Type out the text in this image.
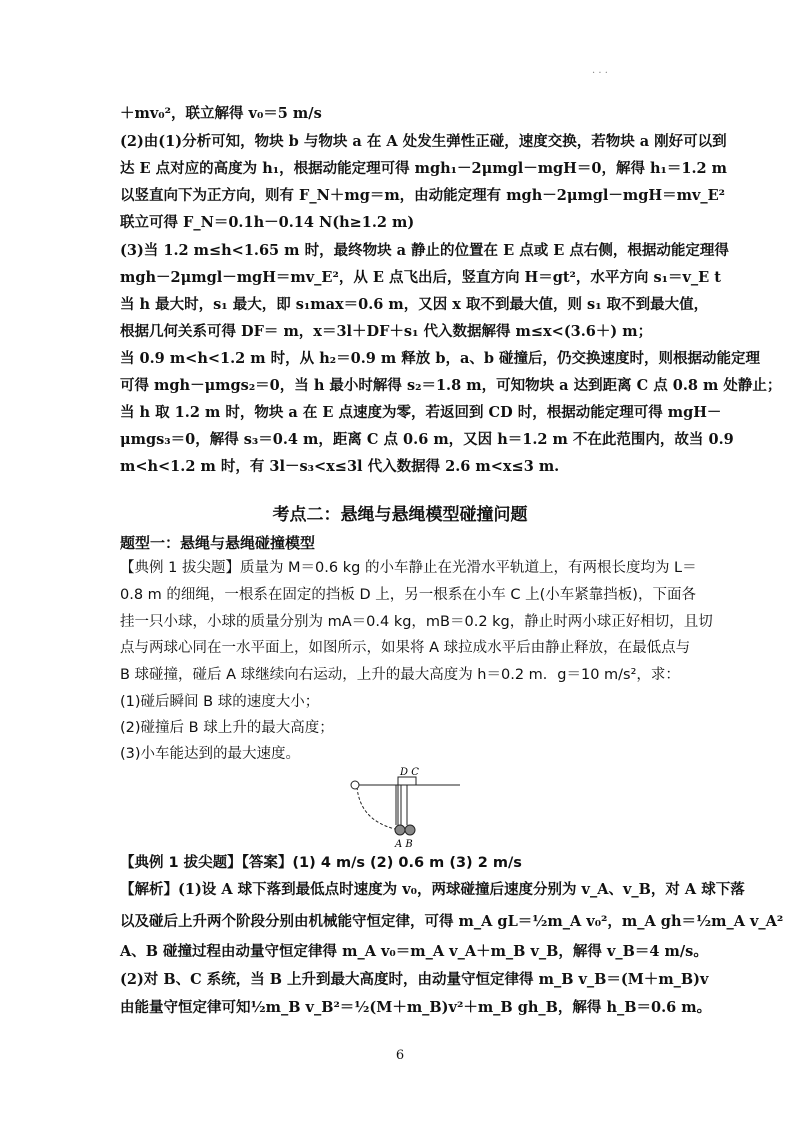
· · ·
＋mv₀²，联立解得 v₀＝5 m/s
(2)由(1)分析可知，物块 b 与物块 a 在 A 处发生弹性正碰，速度交换，若物块 a 刚好可以到
达 E 点对应的高度为 h₁，根据动能定理可得 mgh₁－2μmgl－mgH＝0，解得 h₁＝1.2 m
以竖直向下为正方向，则有 F_N＋mg＝m，由动能定理有 mgh－2μmgl－mgH＝mv_E²
联立可得 F_N＝0.1h－0.14 N(h≥1.2 m)
(3)当 1.2 m≤h<1.65 m 时，最终物块 a 静止的位置在 E 点或 E 点右侧，根据动能定理得
mgh－2μmgl－mgH＝mv_E²，从 E 点飞出后，竖直方向 H＝gt²，水平方向 s₁＝v_E t
当 h 最大时，s₁ 最大，即 s₁max＝0.6 m，又因 x 取不到最大值，则 s₁ 取不到最大值，
根据几何关系可得 DF＝ m，x＝3l＋DF＋s₁ 代入数据解得 m≤x<(3.6＋) m；
当 0.9 m<h<1.2 m 时，从 h₂＝0.9 m 释放 b，a、b 碰撞后，仍交换速度时，则根据动能定理
可得 mgh－μmgs₂＝0，当 h 最小时解得 s₂＝1.8 m，可知物块 a 达到距离 C 点 0.8 m 处静止；
当 h 取 1.2 m 时，物块 a 在 E 点速度为零，若返回到 CD 时，根据动能定理可得 mgH－
μmgs₃＝0，解得 s₃＝0.4 m，距离 C 点 0.6 m，又因 h＝1.2 m 不在此范围内，故当 0.9
m<h<1.2 m 时，有 3l－s₃<x≤3l 代入数据得 2.6 m<x≤3 m.
考点二：悬绳与悬绳模型碰撞问题
题型一：悬绳与悬绳碰撞模型
【典例 1 拔尖题】质量为 M＝0.6 kg 的小车静止在光滑水平轨道上，有两根长度均为 L＝
0.8 m 的细绳，一根系在固定的挡板 D 上，另一根系在小车 C 上(小车紧靠挡板)，下面各
挂一只小球，小球的质量分别为 mA＝0.4 kg，mB＝0.2 kg，静止时两小球正好相切，且切
点与两球心同在一水平面上，如图所示，如果将 A 球拉成水平后由静止释放，在最低点与
B 球碰撞，碰后 A 球继续向右运动，上升的最大高度为 h＝0.2 m．g＝10 m/s²，求：
(1)碰后瞬间 B 球的速度大小；
(2)碰撞后 B 球上升的最大高度；
(3)小车能达到的最大速度。
D C
A B
【典例 1 拔尖题】【答案】(1) 4 m/s (2) 0.6 m (3) 2 m/s
【解析】(1)设 A 球下落到最低点时速度为 v₀，两球碰撞后速度分别为 v_A、v_B，对 A 球下落
以及碰后上升两个阶段分别由机械能守恒定律，可得 m_A gL＝½m_A v₀²，m_A gh＝½m_A v_A²
A、B 碰撞过程由动量守恒定律得 m_A v₀＝m_A v_A＋m_B v_B，解得 v_B＝4 m/s。
(2)对 B、C 系统，当 B 上升到最大高度时，由动量守恒定律得 m_B v_B＝(M＋m_B)v
由能量守恒定律可知½m_B v_B²＝½(M＋m_B)v²＋m_B gh_B，解得 h_B＝0.6 m。
6
